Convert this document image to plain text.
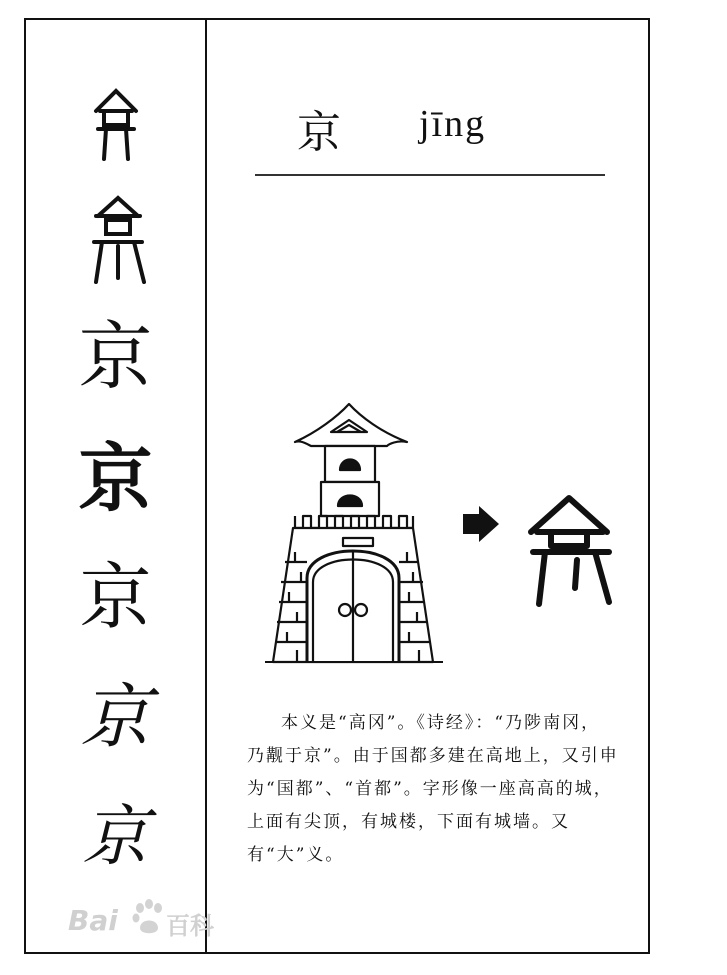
京
京
京
京
京
京
Bai 百科
京 jīng

本义是“高冈”。《诗经》：“乃陟南冈，乃觏于京”。由于国都多建在高地上，又引申为“国都”、“首都”。字形像一座高高的城，上面有尖顶，有城楼，下面有城墙。又有“大”义。
